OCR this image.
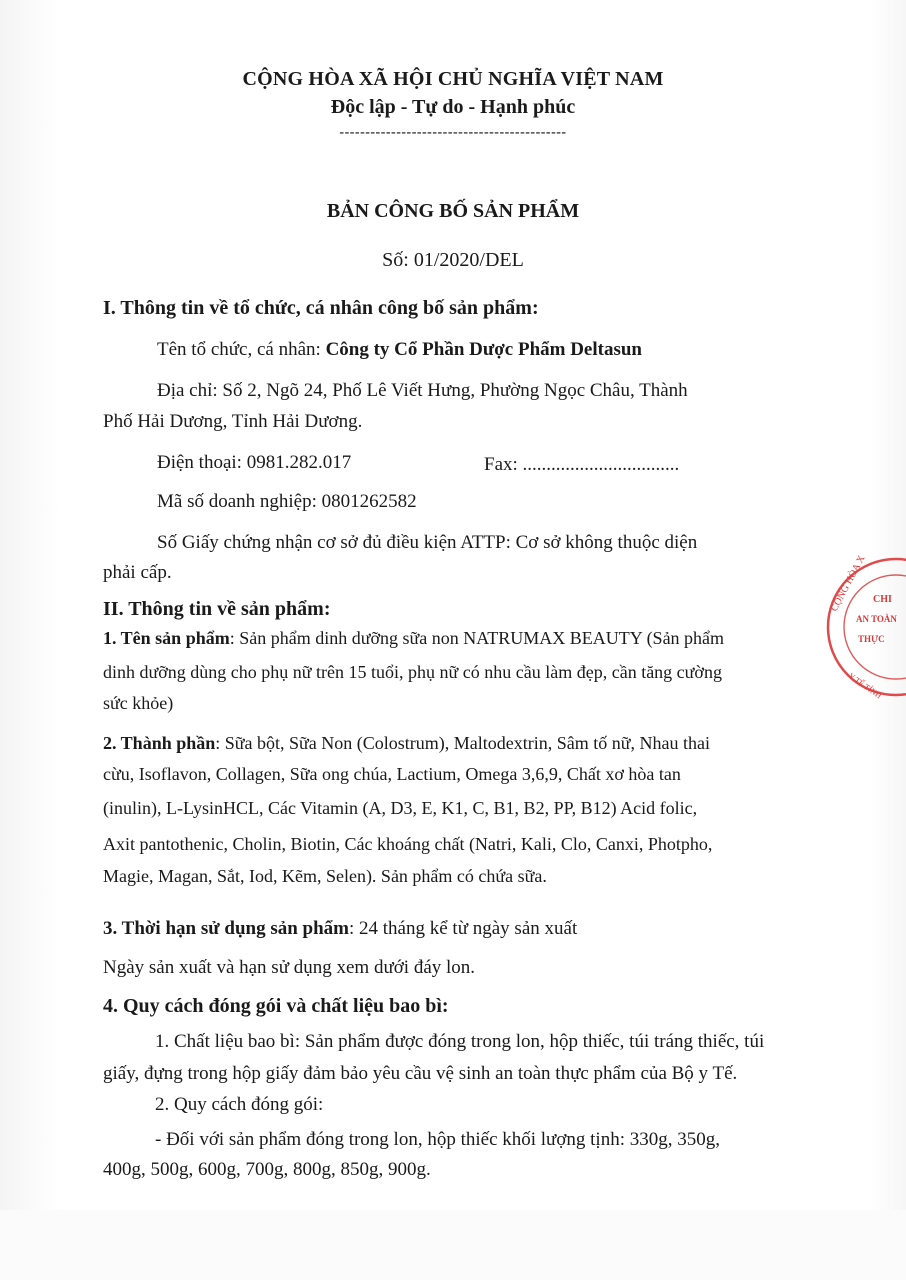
CỘNG HÒA XÃ HỘI CHỦ NGHĨA VIỆT NAM
Độc lập - Tự do - Hạnh phúc
--------------------------------------------
BẢN CÔNG BỐ SẢN PHẨM
Số: 01/2020/DEL
I. Thông tin về tổ chức, cá nhân công bố sản phẩm:
Tên tổ chức, cá nhân: Công ty Cổ Phần Dược Phẩm Deltasun
Địa chỉ: Số 2, Ngõ 24, Phố Lê Viết Hưng, Phường Ngọc Châu, Thành
Phố Hải Dương, Tỉnh Hải Dương.
Điện thoại: 0981.282.017	Fax: .................................
Mã số doanh nghiệp: 0801262582
Số Giấy chứng nhận cơ sở đủ điều kiện ATTP: Cơ sở không thuộc diện
phải cấp.
II. Thông tin về sản phẩm:
1. Tên sản phẩm: Sản phẩm dinh dưỡng sữa non NATRUMAX BEAUTY (Sản phẩm
dinh dưỡng dùng cho phụ nữ trên 15 tuổi, phụ nữ có nhu cầu làm đẹp, cần tăng cường
sức khỏe)
2. Thành phần: Sữa bột, Sữa Non (Colostrum), Maltodextrin, Sâm tố nữ, Nhau thai
cừu, Isoflavon, Collagen, Sữa ong chúa, Lactium, Omega 3,6,9, Chất xơ hòa tan
(inulin), L-LysinHCL, Các Vitamin (A, D3, E, K1, C, B1, B2, PP, B12) Acid folic,
Axit pantothenic, Cholin, Biotin, Các khoáng chất (Natri, Kali, Clo, Canxi, Photpho,
Magie, Magan, Sắt, Iod, Kẽm, Selen). Sản phẩm có chứa sữa.
3. Thời hạn sử dụng sản phẩm: 24 tháng kể từ ngày sản xuất
Ngày sản xuất và hạn sử dụng xem dưới đáy lon.
4. Quy cách đóng gói và chất liệu bao bì:
1. Chất liệu bao bì: Sản phẩm được đóng trong lon, hộp thiếc, túi tráng thiếc, túi
giấy, đựng trong hộp giấy đảm bảo yêu cầu vệ sinh an toàn thực phẩm của Bộ y Tế.
2. Quy cách đóng gói:
- Đối với sản phẩm đóng trong lon, hộp thiếc khối lượng tịnh: 330g, 350g,
400g, 500g, 600g, 700g, 800g, 850g, 900g.
CỘNG HÒA X CHI
AN TOÀN
THỰC
Y TẾ TỈNH
